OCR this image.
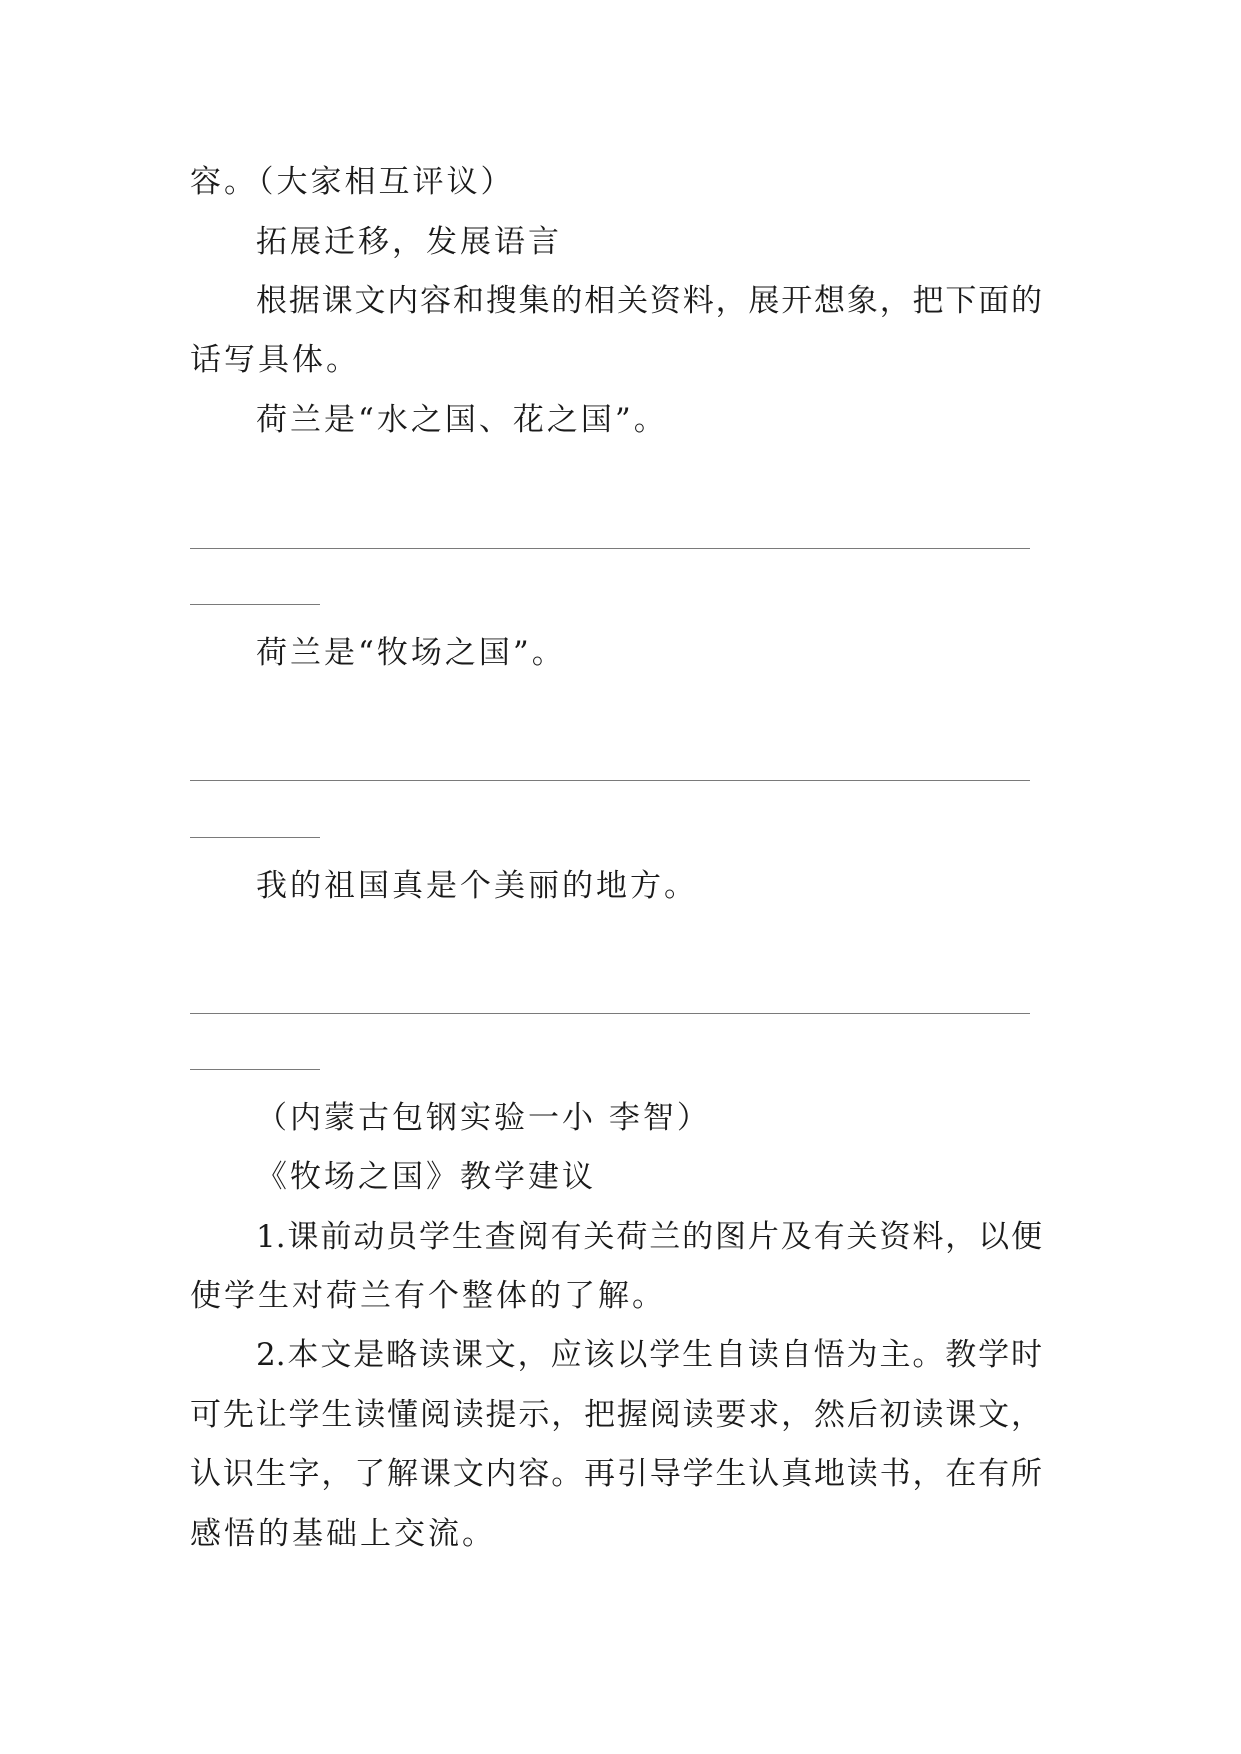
容。（大家相互评议）
拓展迁移，发展语言
根据课文内容和搜集的相关资料，展开想象，把下面的
话写具体。
荷兰是“水之国、花之国”。
荷兰是“牧场之国”。
我的祖国真是个美丽的地方。
（内蒙古包钢实验一小 李智）
《牧场之国》教学建议
1.课前动员学生查阅有关荷兰的图片及有关资料，以便
使学生对荷兰有个整体的了解。
2.本文是略读课文，应该以学生自读自悟为主。教学时
可先让学生读懂阅读提示，把握阅读要求，然后初读课文，
认识生字，了解课文内容。再引导学生认真地读书，在有所
感悟的基础上交流。
